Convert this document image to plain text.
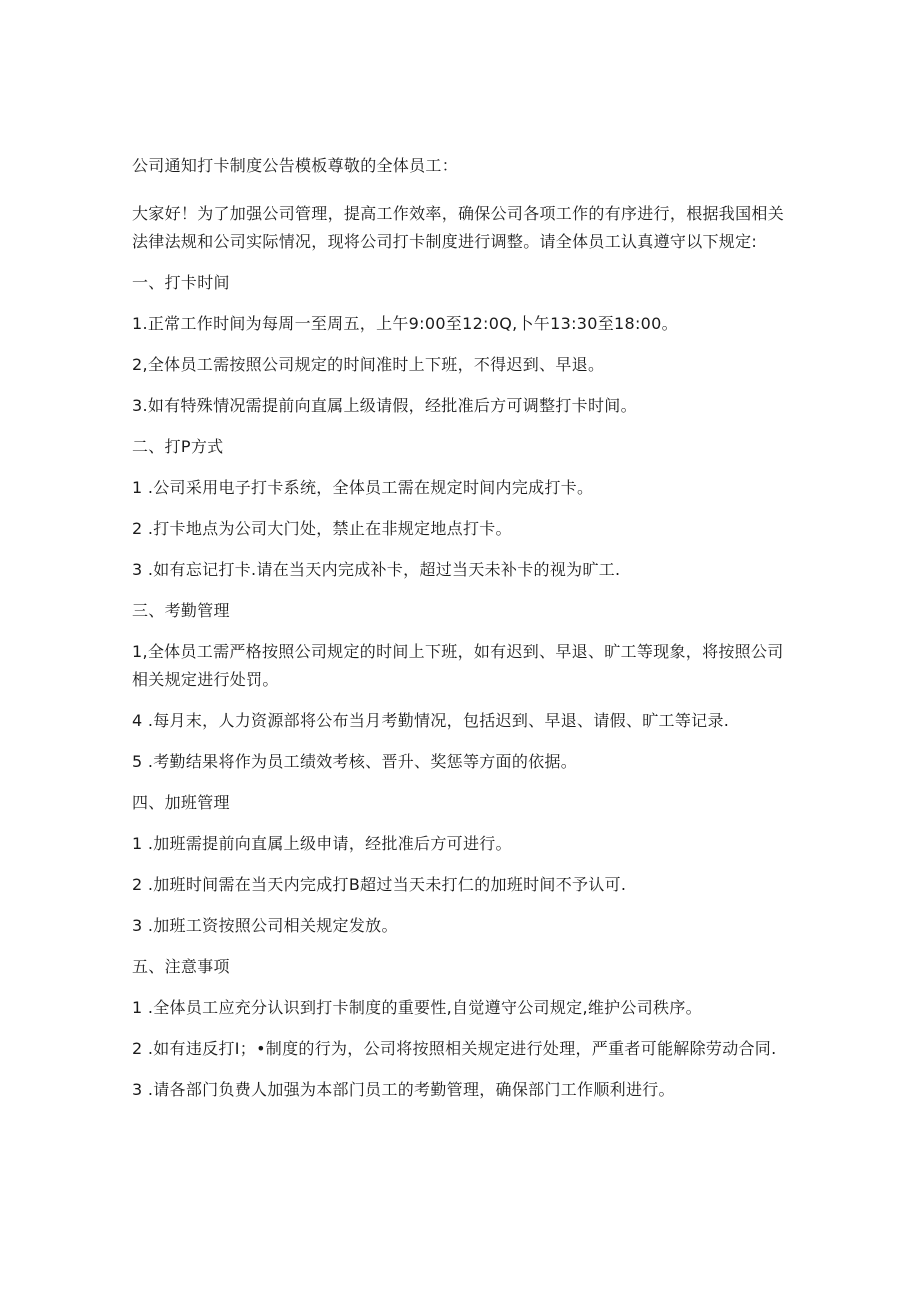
公司通知打卡制度公告模板尊敬的全体员工：

大家好！为了加强公司管理，提高工作效率，确保公司各项工作的有序进行，根据我国相关法律法规和公司实际情况，现将公司打卡制度进行调整。请全体员工认真遵守以下规定:

一、打卡时间

1.正常工作时间为每周一至周五，上午9:00至12:0Q,卜午13:30至18:00。

2,全体员工需按照公司规定的时间准时上下班，不得迟到、早退。

3.如有特殊情况需提前向直属上级请假，经批准后方可调整打卡时间。

二、打P方式

1 .公司采用电子打卡系统，全体员工需在规定时间内完成打卡。

2 .打卡地点为公司大门处，禁止在非规定地点打卡。

3 .如有忘记打卡.请在当天内完成补卡，超过当天未补卡的视为旷工.

三、考勤管理

1,全体员工需严格按照公司规定的时间上下班，如有迟到、早退、旷工等现象，将按照公司相关规定进行处罚。

4 .每月末，人力资源部将公布当月考勤情况，包括迟到、早退、请假、旷工等记录.

5 .考勤结果将作为员工绩效考核、晋升、奖惩等方面的依据。

四、加班管理

1 .加班需提前向直属上级申请，经批准后方可进行。

2 .加班时间需在当天内完成打B超过当天未打仁的加班时间不予认可.

3 .加班工资按照公司相关规定发放。

五、注意事项

1 .全体员工应充分认识到打卡制度的重要性,自觉遵守公司规定,维护公司秩序。

2 .如有违反打I；•制度的行为，公司将按照相关规定进行处理，严重者可能解除劳动合同.

3 .请各部门负费人加强为本部门员工的考勤管理，确保部门工作顺利进行。
